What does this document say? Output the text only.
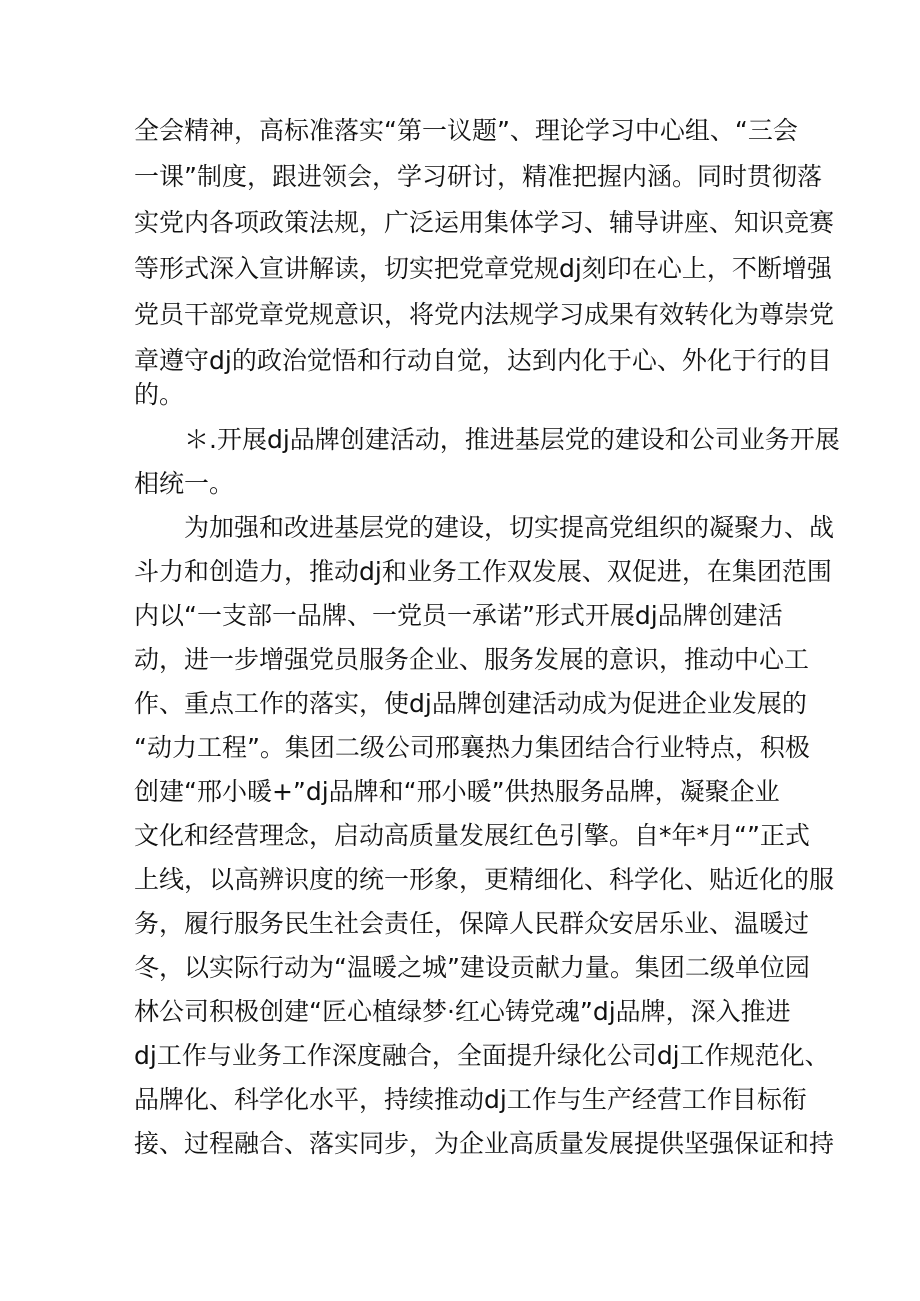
全会精神，高标准落实“第一议题”、理论学习中心组、“三会
一课”制度，跟进领会，学习研讨，精准把握内涵。同时贯彻落
实党内各项政策法规，广泛运用集体学习、辅导讲座、知识竞赛
等形式深入宣讲解读，切实把党章党规dj刻印在心上，不断增强
党员干部党章党规意识，将党内法规学习成果有效转化为尊崇党
章遵守dj的政治觉悟和行动自觉，达到内化于心、外化于行的目
的。
＊.开展dj品牌创建活动，推进基层党的建设和公司业务开展
相统一。
为加强和改进基层党的建设，切实提高党组织的凝聚力、战
斗力和创造力，推动dj和业务工作双发展、双促进，在集团范围
内以“一支部一品牌、一党员一承诺”形式开展dj品牌创建活
动，进一步增强党员服务企业、服务发展的意识，推动中心工
作、重点工作的落实，使dj品牌创建活动成为促进企业发展的
“动力工程”。集团二级公司邢襄热力集团结合行业特点，积极
创建“邢小暖+”dj品牌和“邢小暖”供热服务品牌，凝聚企业
文化和经营理念，启动高质量发展红色引擎。自*年*月“”正式
上线，以高辨识度的统一形象，更精细化、科学化、贴近化的服
务，履行服务民生社会责任，保障人民群众安居乐业、温暖过
冬，以实际行动为“温暖之城”建设贡献力量。集团二级单位园
林公司积极创建“匠心植绿梦·红心铸党魂”dj品牌，深入推进
dj工作与业务工作深度融合，全面提升绿化公司dj工作规范化、
品牌化、科学化水平，持续推动dj工作与生产经营工作目标衔
接、过程融合、落实同步，为企业高质量发展提供坚强保证和持
